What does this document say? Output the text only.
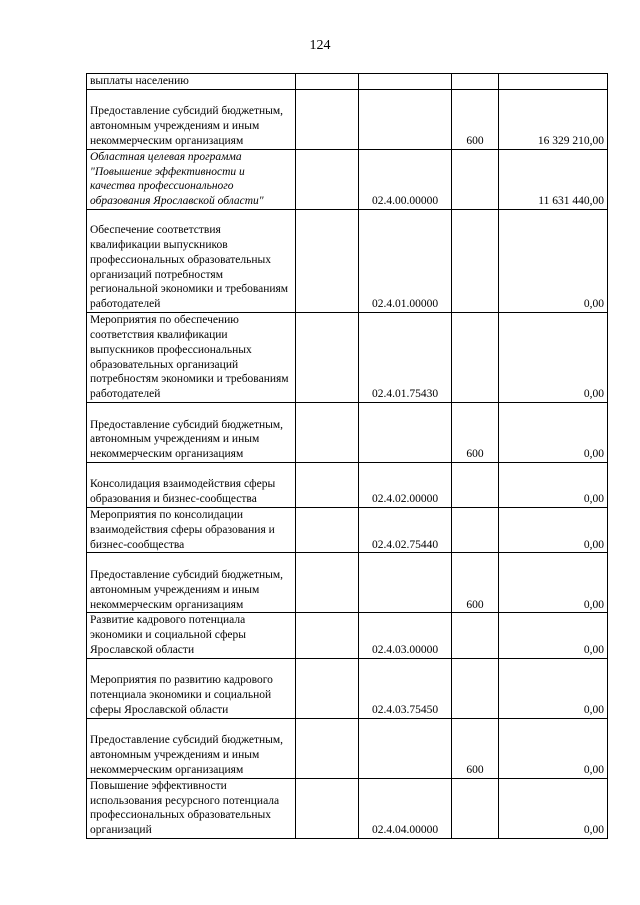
124
выплаты населению				
Предоставление субсидий бюджетным, автономным учреждениям и иным некоммерческим организациям			600	16 329 210,00
Областная целевая программа "Повышение эффективности и качества профессионального образования Ярославской области"		02.4.00.00000		11 631 440,00
Обеспечение соответствия квалификации выпускников профессиональных образовательных организаций потребностям региональной экономики и требованиям работодателей		02.4.01.00000		0,00
Мероприятия по обеспечению соответствия квалификации выпускников профессиональных образовательных организаций потребностям экономики и требованиям работодателей		02.4.01.75430		0,00
Предоставление субсидий бюджетным, автономным учреждениям и иным некоммерческим организациям			600	0,00
Консолидация взаимодействия сферы образования и бизнес-сообщества		02.4.02.00000		0,00
Мероприятия по консолидации взаимодействия сферы образования и бизнес-сообщества		02.4.02.75440		0,00
Предоставление субсидий бюджетным, автономным учреждениям и иным некоммерческим организациям			600	0,00
Развитие кадрового потенциала экономики и социальной сферы Ярославской области		02.4.03.00000		0,00
Мероприятия по развитию кадрового потенциала экономики и социальной сферы Ярославской области		02.4.03.75450		0,00
Предоставление субсидий бюджетным, автономным учреждениям и иным некоммерческим организациям			600	0,00
Повышение эффективности использования ресурсного потенциала профессиональных образовательных организаций		02.4.04.00000		0,00
